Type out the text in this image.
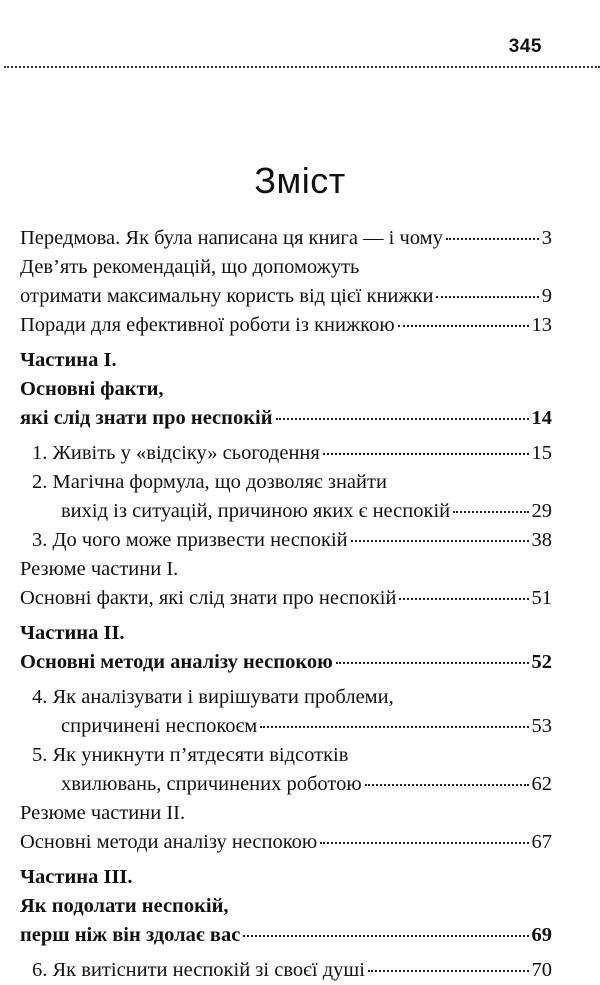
345
Зміст
Передмова. Як була написана ця книга — і чому	3
Дев’ять рекомендацій, що допоможуть
отримати максимальну користь від цієї книжки	9
Поради для ефективної роботи із книжкою	13
Частина І.
Основні факти,
які слід знати про неспокій	14
1. Живіть у «відсіку» сьогодення	15
2. Магічна формула, що дозволяє знайти
вихід із ситуацій, причиною яких є неспокій	29
3. До чого може призвести неспокій	38
Резюме частини І.
Основні факти, які слід знати про неспокій	51
Частина ІІ.
Основні методи аналізу неспокою	52
4. Як аналізувати і вирішувати проблеми,
спричинені неспокоєм	53
5. Як уникнути п’ятдесяти відсотків
хвилювань, спричинених роботою	62
Резюме частини ІІ.
Основні методи аналізу неспокою	67
Частина ІІІ.
Як подолати неспокій,
перш ніж він здолає вас	69
6. Як витіснити неспокій зі своєї душі	70
